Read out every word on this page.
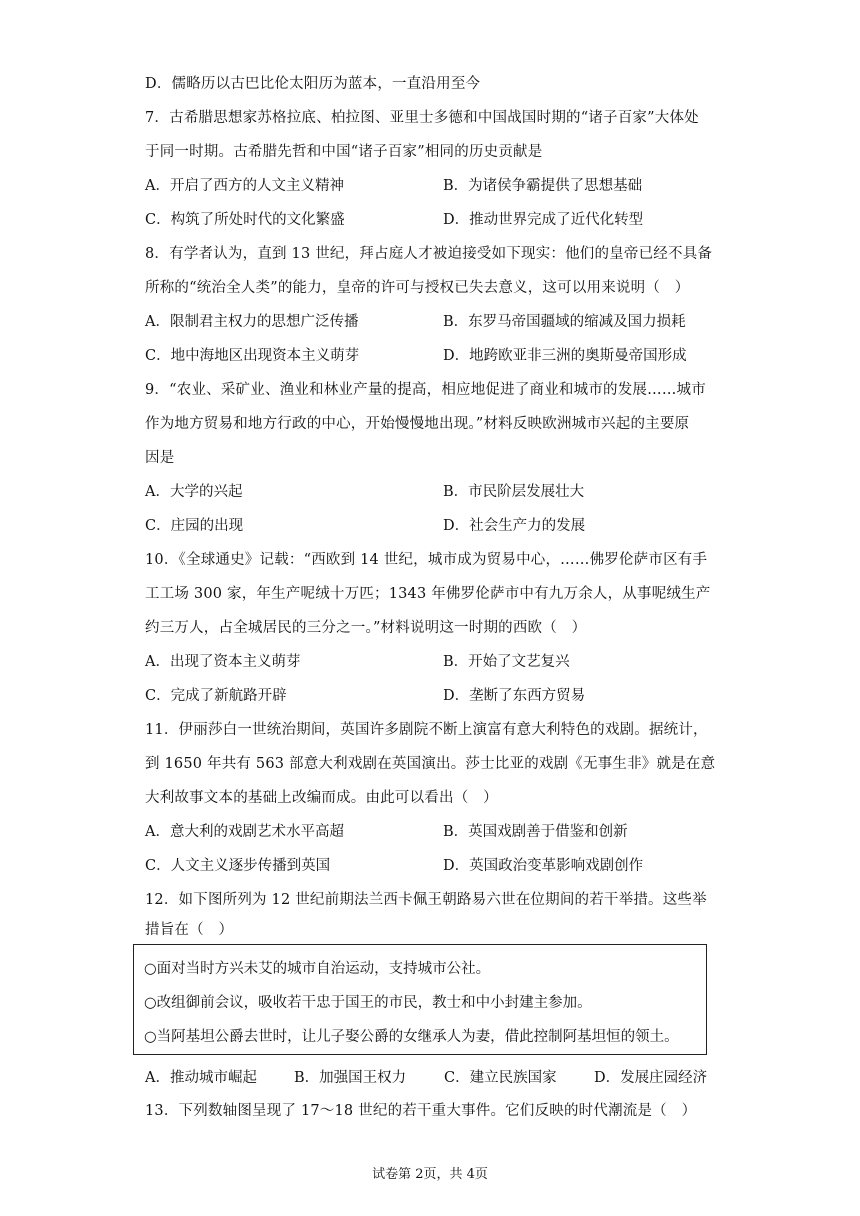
D．儒略历以古巴比伦太阳历为蓝本，一直沿用至今
7．古希腊思想家苏格拉底、柏拉图、亚里士多德和中国战国时期的“诸子百家”大体处
于同一时期。古希腊先哲和中国“诸子百家”相同的历史贡献是
A．开启了西方的人文主义精神	B．为诸侯争霸提供了思想基础
C．构筑了所处时代的文化繁盛	D．推动世界完成了近代化转型
8．有学者认为，直到 13 世纪，拜占庭人才被迫接受如下现实：他们的皇帝已经不具备
所称的“统治全人类”的能力，皇帝的许可与授权已失去意义，这可以用来说明（　）
A．限制君主权力的思想广泛传播	B．东罗马帝国疆域的缩减及国力损耗
C．地中海地区出现资本主义萌芽	D．地跨欧亚非三洲的奥斯曼帝国形成
9．“农业、采矿业、渔业和林业产量的提高，相应地促进了商业和城市的发展……城市
作为地方贸易和地方行政的中心，开始慢慢地出现。”材料反映欧洲城市兴起的主要原
因是
A．大学的兴起	B．市民阶层发展壮大
C．庄园的出现	D．社会生产力的发展
10．《全球通史》记载：“西欧到 14 世纪，城市成为贸易中心，……佛罗伦萨市区有手
工工场 300 家，年生产呢绒十万匹；1343 年佛罗伦萨市中有九万余人，从事呢绒生产
约三万人，占全城居民的三分之一。”材料说明这一时期的西欧（　）
A．出现了资本主义萌芽	B．开始了文艺复兴
C．完成了新航路开辟	D．垄断了东西方贸易
11．伊丽莎白一世统治期间，英国许多剧院不断上演富有意大利特色的戏剧。据统计，
到 1650 年共有 563 部意大利戏剧在英国演出。莎士比亚的戏剧《无事生非》就是在意
大利故事文本的基础上改编而成。由此可以看出（　）
A．意大利的戏剧艺术水平高超	B．英国戏剧善于借鉴和创新
C．人文主义逐步传播到英国	D．英国政治变革影响戏剧创作
12．如下图所列为 12 世纪前期法兰西卡佩王朝路易六世在位期间的若干举措。这些举
措旨在（　）
○面对当时方兴未艾的城市自治运动，支持城市公社。
○改组御前会议，吸收若干忠于国王的市民，教士和中小封建主参加。
○当阿基坦公爵去世时，让儿子娶公爵的女继承人为妻，借此控制阿基坦恒的领土。
A．推动城市崛起	B．加强国王权力	C．建立民族国家	D．发展庄园经济
13．下列数轴图呈现了 17～18 世纪的若干重大事件。它们反映的时代潮流是（　）
试卷第 2页，共 4页
